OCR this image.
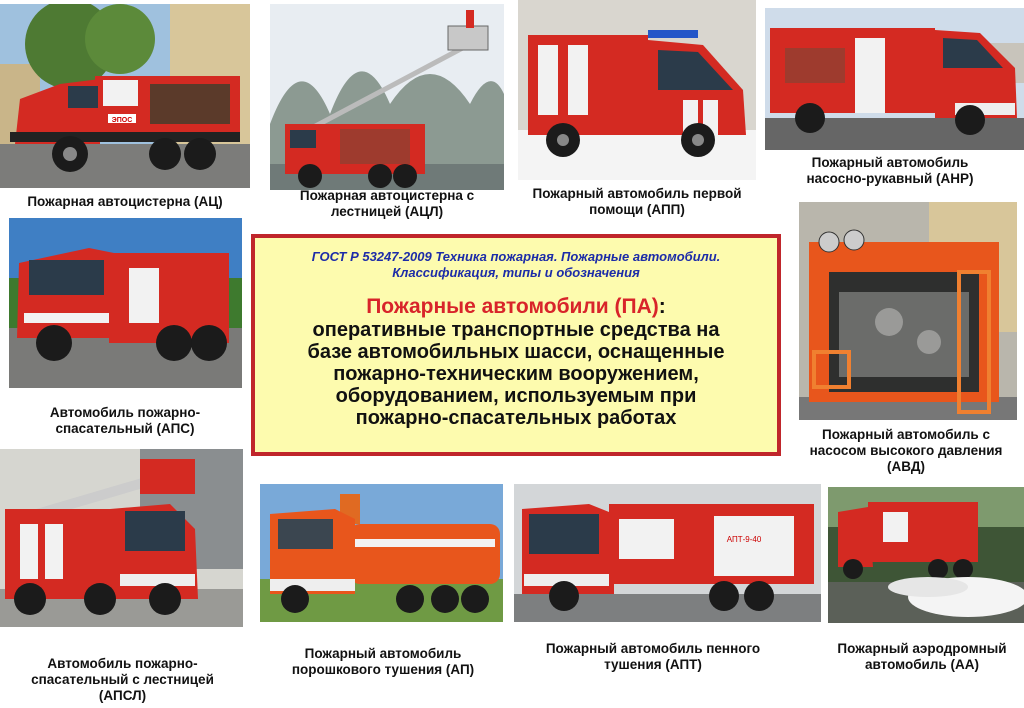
ЭПОС
Пожарная автоцистерна (АЦ)	Пожарная автоцистерна с
лестницей (АЦЛ)
Пожарный автомобиль первой
помощи (АПП)
Пожарный автомобиль
насосно-рукавный (АНР)
Автомобиль пожарно-
спасательный (АПС)	Пожарный автомобиль с
насосом высокого давления
(АВД)
Автомобиль пожарно-
спасательный с лестницей
(АПСЛ)
Пожарный автомобиль
порошкового тушения (АП)
АПТ-9-40
Пожарный автомобиль пенного
тушения (АПТ)
Пожарный аэродромный
автомобиль (АА)
ГОСТ Р 53247-2009 Техника пожарная. Пожарные автомобили.
Классификация, типы и обозначения
Пожарные автомобили (ПА):
оперативные транспортные средства на
базе автомобильных шасси, оснащенные
пожарно-техническим вооружением,
оборудованием, используемым при
пожарно-спасательных работах
